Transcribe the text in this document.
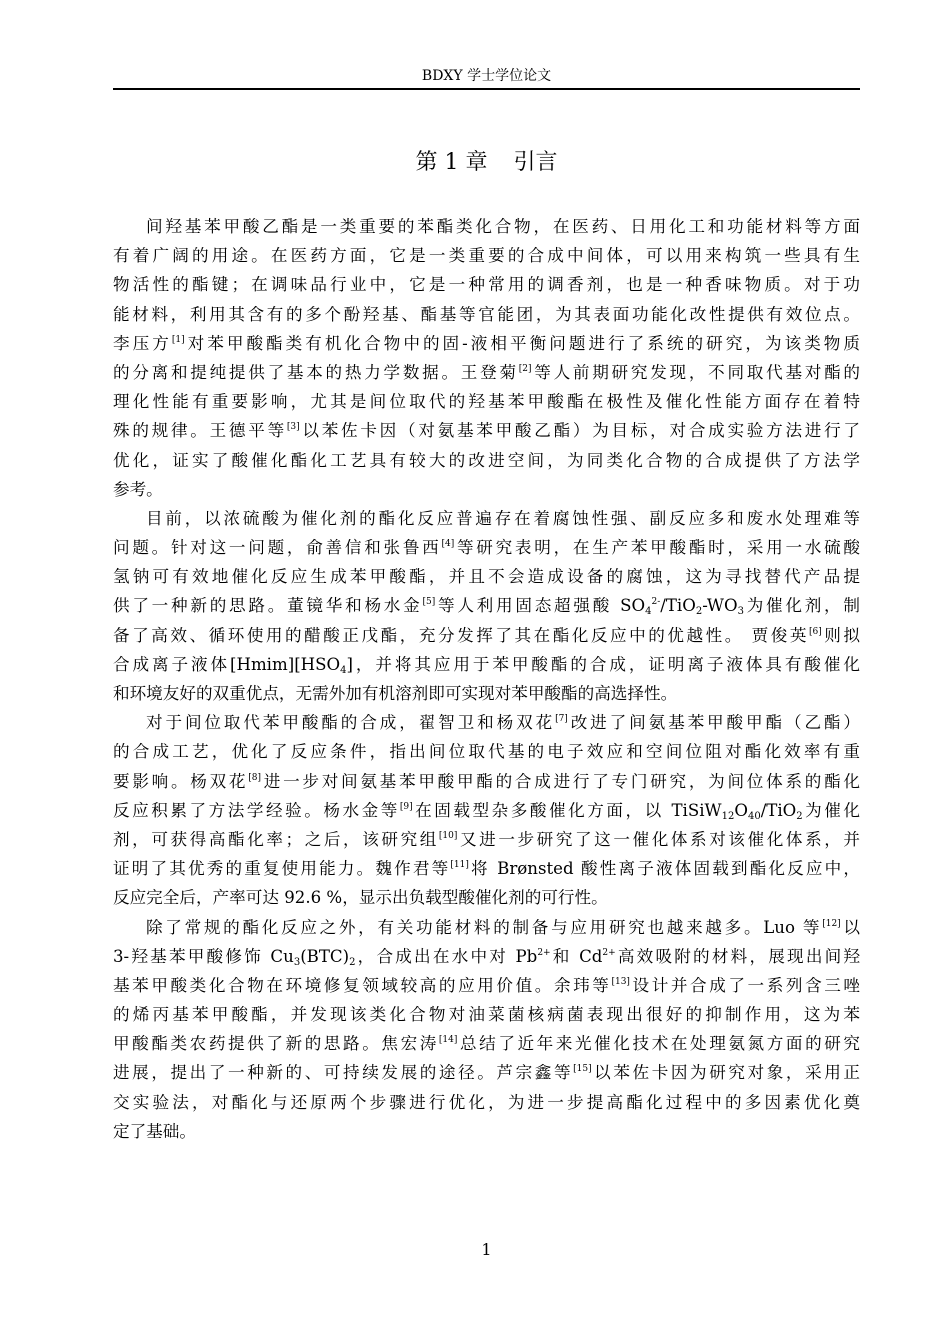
BDXY 学士学位论文
第 1 章 引言
间羟基苯甲酸乙酯是一类重要的苯酯类化合物，在医药、日用化工和功能材料等方面
有着广阔的用途。在医药方面，它是一类重要的合成中间体，可以用来构筑一些具有生
物活性的酯键；在调味品行业中，它是一种常用的调香剂，也是一种香味物质。对于功
能材料，利用其含有的多个酚羟基、酯基等官能团，为其表面功能化改性提供有效位点。
李压方[1]对苯甲酸酯类有机化合物中的固-液相平衡问题进行了系统的研究，为该类物质
的分离和提纯提供了基本的热力学数据。王登菊[2]等人前期研究发现，不同取代基对酯的
理化性能有重要影响，尤其是间位取代的羟基苯甲酸酯在极性及催化性能方面存在着特
殊的规律。王德平等[3]以苯佐卡因（对氨基苯甲酸乙酯）为目标，对合成实验方法进行了
优化，证实了酸催化酯化工艺具有较大的改进空间，为同类化合物的合成提供了方法学
参考。
目前，以浓硫酸为催化剂的酯化反应普遍存在着腐蚀性强、副反应多和废水处理难等
问题。针对这一问题，俞善信和张鲁西[4]等研究表明，在生产苯甲酸酯时，采用一水硫酸
氢钠可有效地催化反应生成苯甲酸酯，并且不会造成设备的腐蚀，这为寻找替代产品提
供了一种新的思路。董镜华和杨水金[5]等人利用固态超强酸 $SO_4^{2-}/TiO_2-WO_3$为催化剂，制
备了高效、循环使用的醋酸正戊酯，充分发挥了其在酯化反应中的优越性。 贾俊英[6]则拟
合成离子液体$[Hmim][HSO_4]$，并将其应用于苯甲酸酯的合成，证明离子液体具有酸催化
和环境友好的双重优点，无需外加有机溶剂即可实现对苯甲酸酯的高选择性。
对于间位取代苯甲酸酯的合成，翟智卫和杨双花[7]改进了间氨基苯甲酸甲酯（乙酯）
的合成工艺，优化了反应条件，指出间位取代基的电子效应和空间位阻对酯化效率有重
要影响。杨双花[8]进一步对间氨基苯甲酸甲酯的合成进行了专门研究，为间位体系的酯化
反应积累了方法学经验。杨水金等[9]在固载型杂多酸催化方面，以 $TiSiW_{12}O_{40}/TiO_2$为催化
剂，可获得高酯化率；之后，该研究组[10]又进一步研究了这一催化体系对该催化体系，并
证明了其优秀的重复使用能力。魏作君等[11]将 Brønsted 酸性离子液体固载到酯化反应中，
反应完全后，产率可达 92.6 %，显示出负载型酸催化剂的可行性。
除了常规的酯化反应之外，有关功能材料的制备与应用研究也越来越多。Luo 等[12]以
3-羟基苯甲酸修饰 $Cu_3(BTC)_2$，合成出在水中对 $Pb^{2+}$和 $Cd^{2+}$高效吸附的材料，展现出间羟
基苯甲酸类化合物在环境修复领域较高的应用价值。余玮等[13]设计并合成了一系列含三唑
的烯丙基苯甲酸酯，并发现该类化合物对油菜菌核病菌表现出很好的抑制作用，这为苯
甲酸酯类农药提供了新的思路。焦宏涛[14]总结了近年来光催化技术在处理氨氮方面的研究
进展，提出了一种新的、可持续发展的途径。芦宗鑫等[15]以苯佐卡因为研究对象，采用正
交实验法，对酯化与还原两个步骤进行优化，为进一步提高酯化过程中的多因素优化奠
定了基础。
1
